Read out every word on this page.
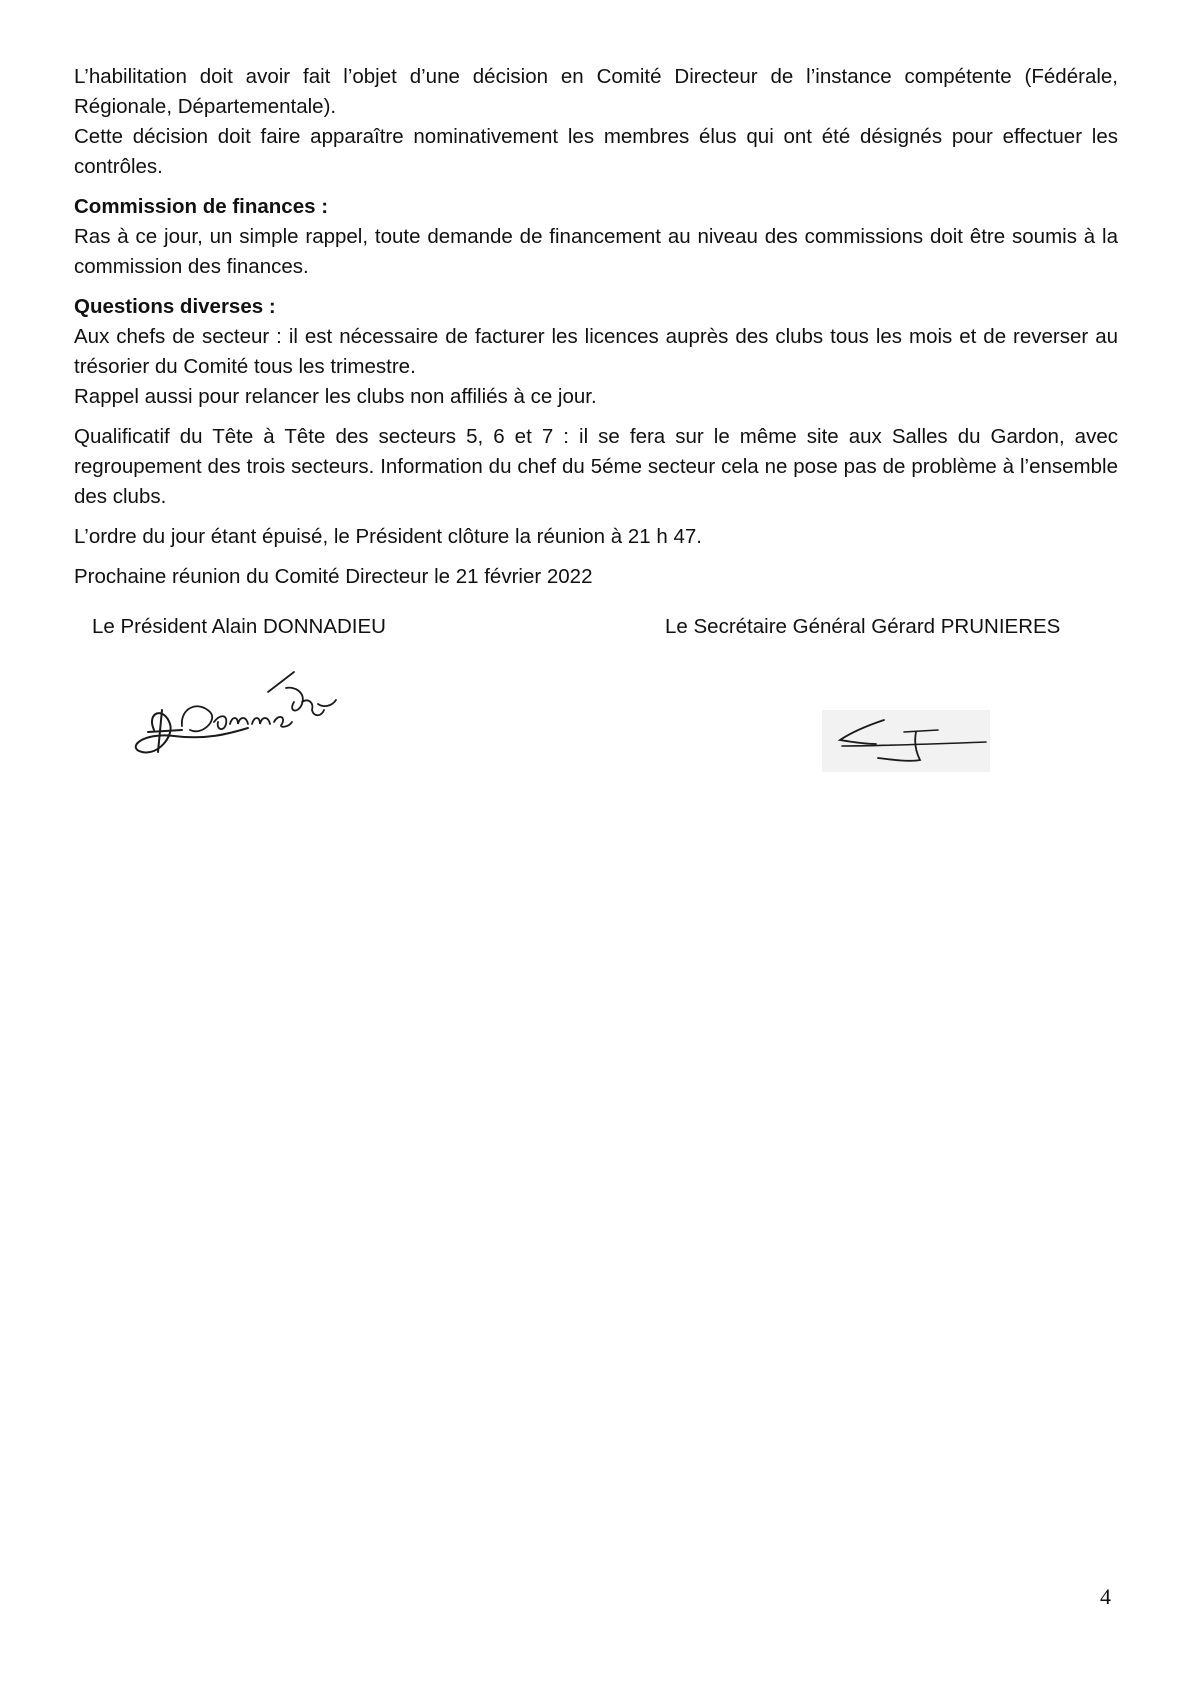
L’habilitation doit avoir fait l’objet d’une décision en Comité Directeur de l’instance compétente (Fédérale, Régionale, Départementale).

Cette décision doit faire apparaître nominativement les membres élus qui ont été désignés pour effectuer les contrôles.

Commission de finances :

Ras à ce jour, un simple rappel, toute demande de financement au niveau des commissions doit être soumis à la commission des finances.

Questions diverses :

Aux chefs de secteur : il est nécessaire de facturer les licences auprès des clubs tous les mois et de reverser au trésorier du Comité tous les trimestre.

Rappel aussi pour relancer les clubs non affiliés à ce jour.

Qualificatif du Tête à Tête des secteurs 5, 6 et 7 : il se fera sur le même site aux Salles du Gardon, avec regroupement des trois secteurs. Information du chef du 5éme secteur cela ne pose pas de problème à l’ensemble des clubs.

L’ordre du jour étant épuisé, le Président clôture la réunion à 21 h 47.

Prochaine réunion du Comité Directeur le 21 février 2022

Le Président Alain DONNADIEU	Le Secrétaire Général Gérard PRUNIERES
4
